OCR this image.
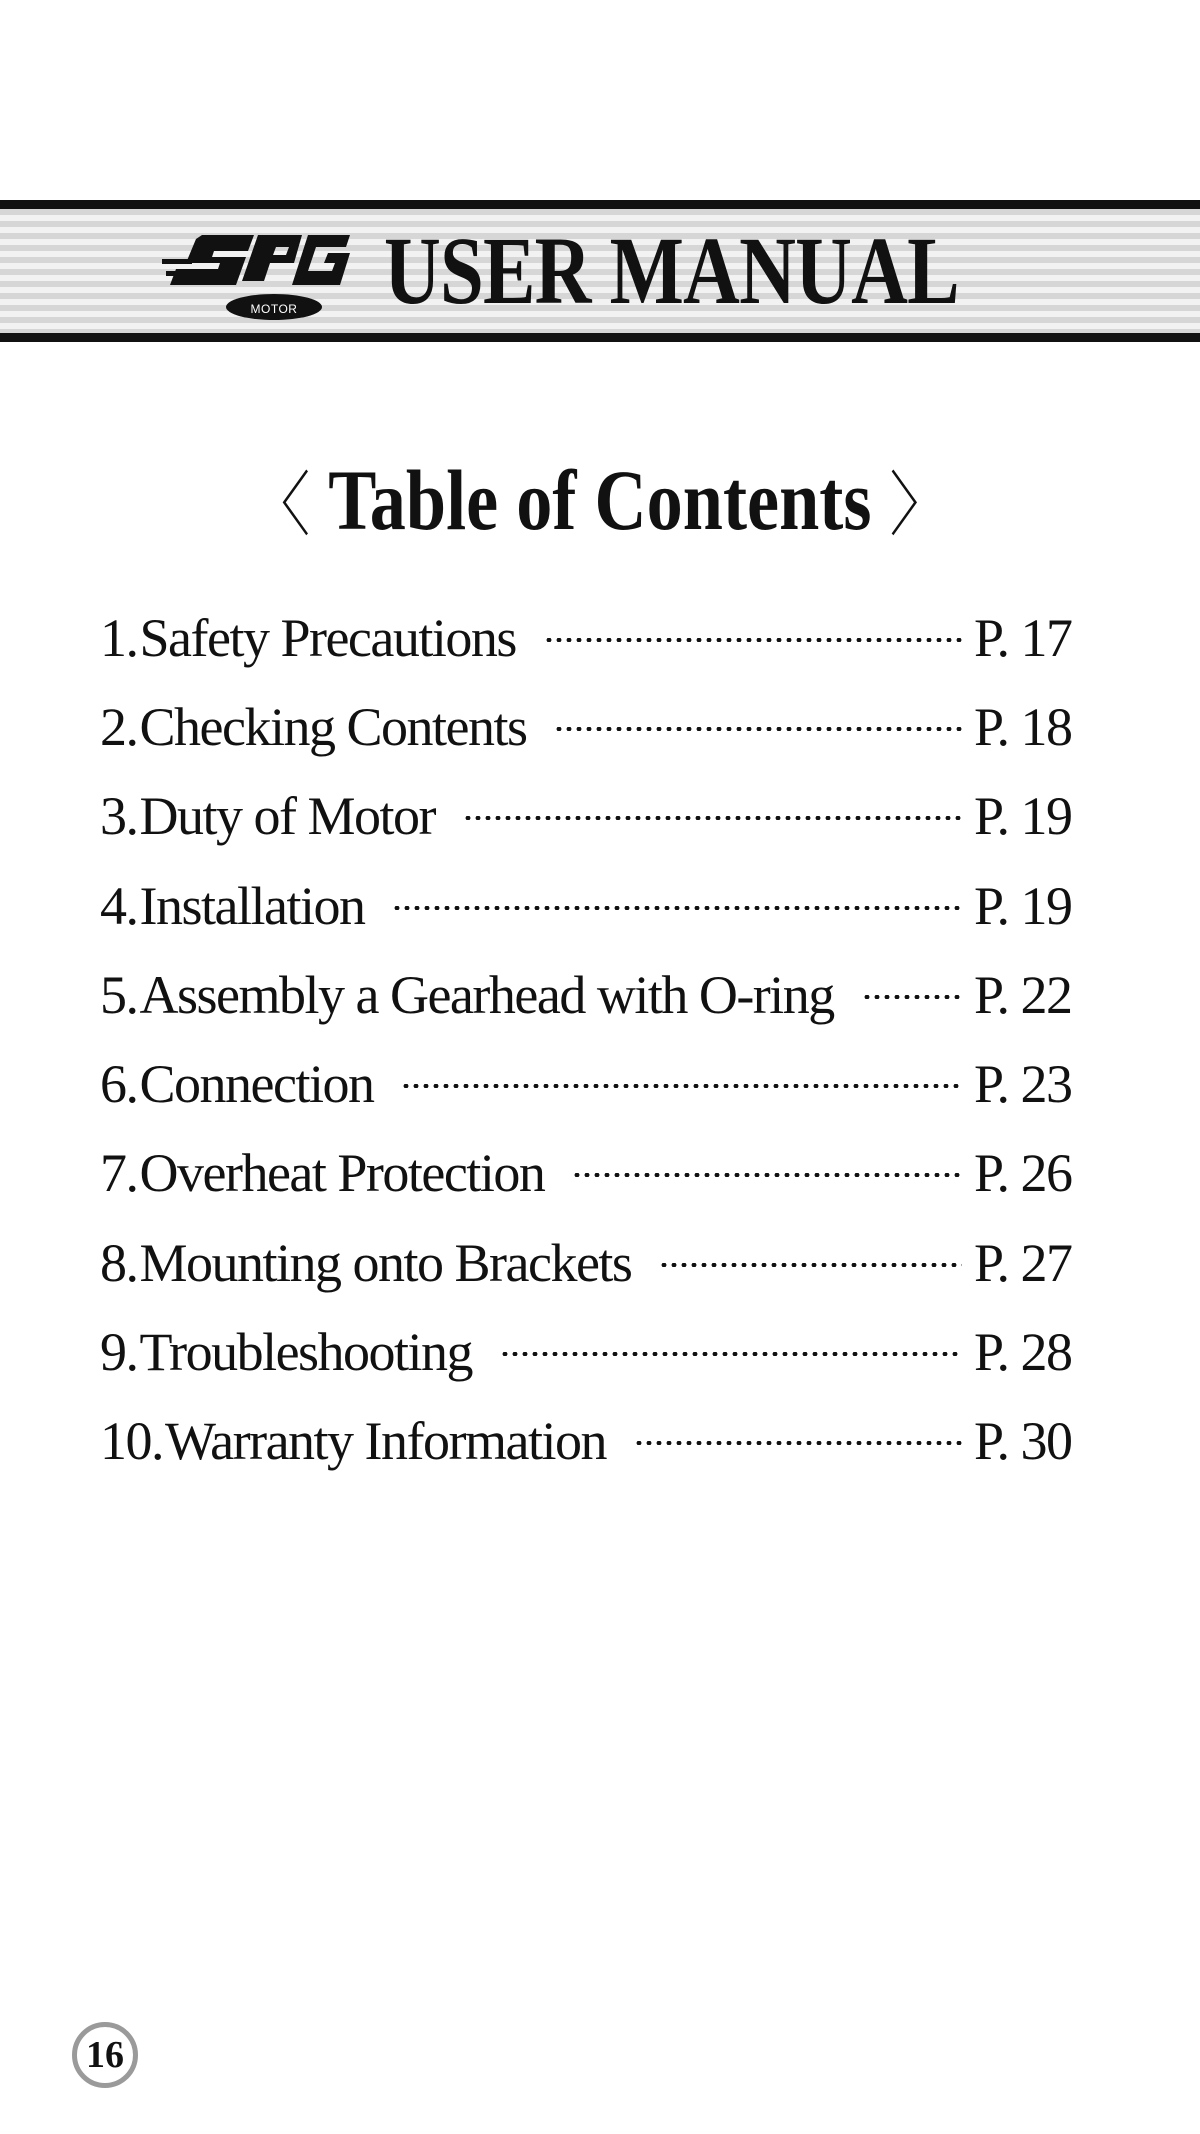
MOTOR USER MANUAL
〈 Table of Contents 〉
1. Safety Precautions	P. 17
2. Checking Contents	P. 18
3. Duty of Motor	P. 19
4. Installation	P. 19
5. Assembly a Gearhead with O-ring	P. 22
6. Connection	P. 23
7. Overheat Protection	P. 26
8. Mounting onto Brackets	P. 27
9. Troubleshooting	P. 28
10. Warranty Information	P. 30
16
